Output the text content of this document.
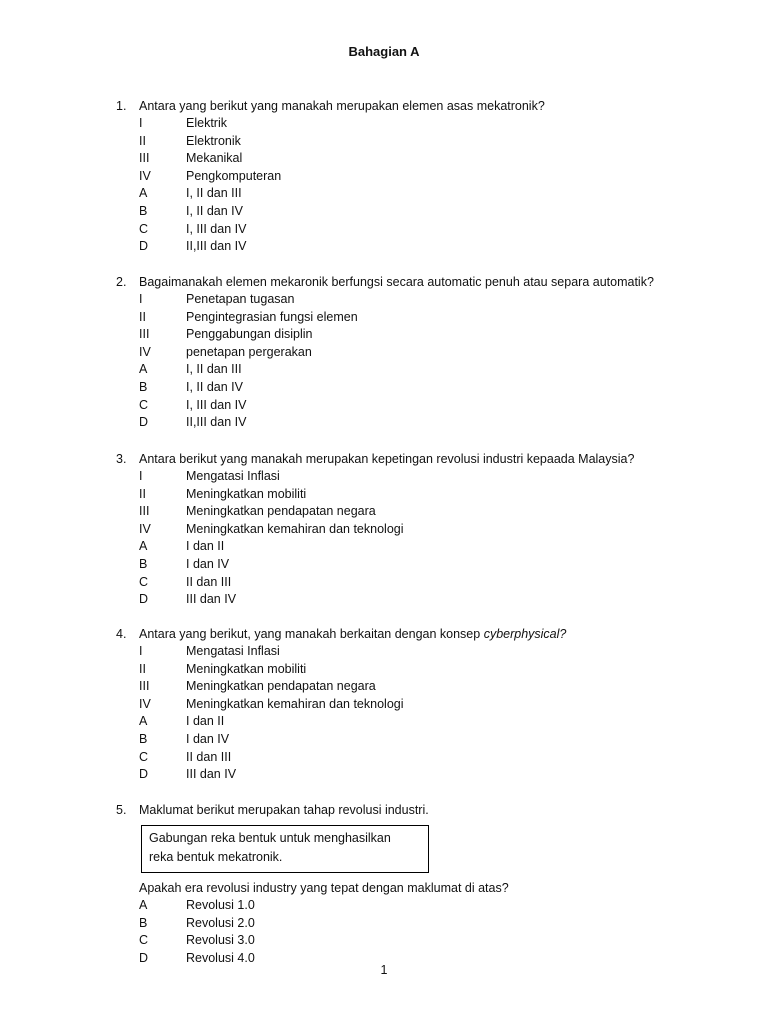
Bahagian A
1. Antara yang berikut yang manakah merupakan elemen asas mekatronik?
I	Elektrik
II	Elektronik
III	Mekanikal
IV	Pengkomputeran
A	I, II dan III
B	I, II dan IV
C	I, III dan IV
D	II,III dan IV
2. Bagaimanakah elemen mekaronik berfungsi secara automatic penuh atau separa automatik?
I	Penetapan tugasan
II	Pengintegrasian fungsi elemen
III	Penggabungan disiplin
IV	penetapan pergerakan
A	I, II dan III
B	I, II dan IV
C	I, III dan IV
D	II,III dan IV
3. Antara berikut yang manakah merupakan kepetingan revolusi industri kepaada Malaysia?
I	Mengatasi Inflasi
II	Meningkatkan mobiliti
III	Meningkatkan pendapatan negara
IV	Meningkatkan kemahiran dan teknologi
A	I dan II
B	I dan IV
C	II dan III
D	III dan IV
4. Antara yang berikut, yang manakah berkaitan dengan konsep cyberphysical?
I	Mengatasi Inflasi
II	Meningkatkan mobiliti
III	Meningkatkan pendapatan negara
IV	Meningkatkan kemahiran dan teknologi
A	I dan II
B	I dan IV
C	II dan III
D	III dan IV
5. Maklumat berikut merupakan tahap revolusi industri.
Gabungan reka bentuk untuk menghasilkan
reka bentuk mekatronik.
Apakah era revolusi industry yang tepat dengan maklumat di atas?
A	Revolusi 1.0
B	Revolusi 2.0
C	Revolusi 3.0
D	Revolusi 4.0
1
